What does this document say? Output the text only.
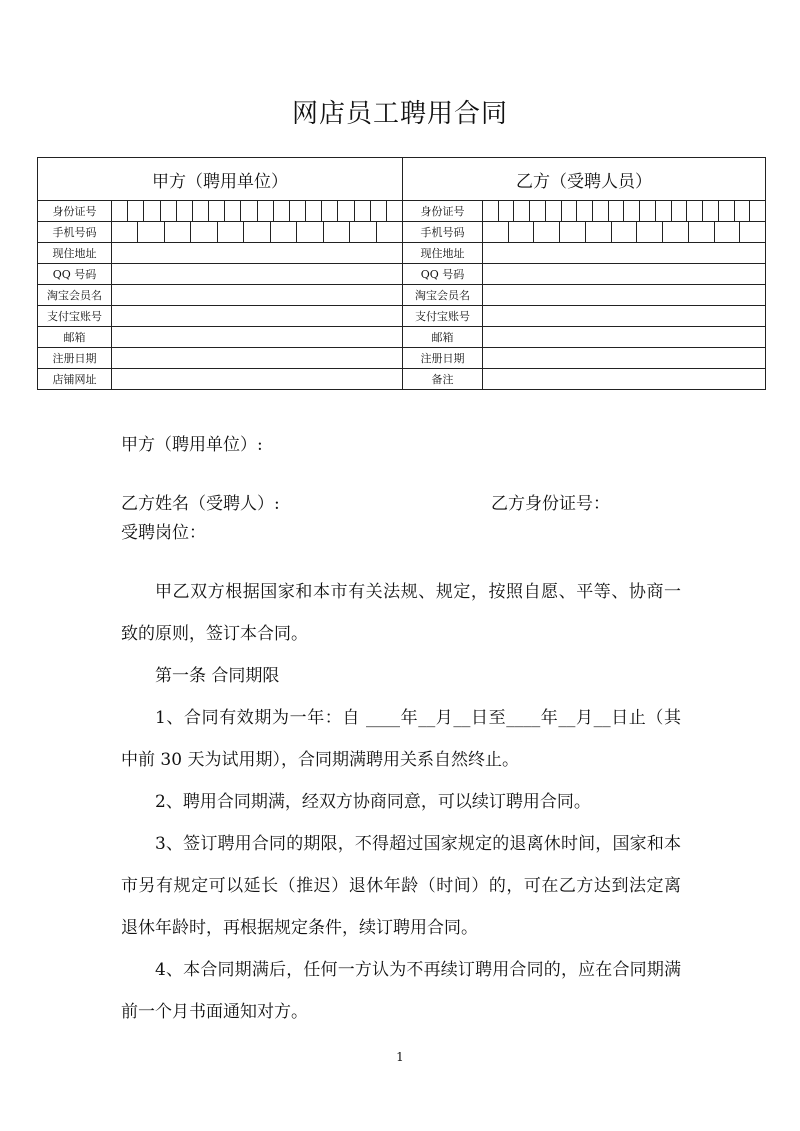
网店员工聘用合同
甲方（聘用单位）		乙方（受聘人员）	
身份证号		身份证号	

手机号码		手机号码	

现住地址		现住地址	
QQ 号码		QQ 号码	
淘宝会员名		淘宝会员名	
支付宝账号		支付宝账号	
邮箱		邮箱	
注册日期		注册日期	
店铺网址		备注	
甲方（聘用单位）:
乙方姓名（受聘人）:	乙方身份证号：
受聘岗位：

甲乙双方根据国家和本市有关法规、规定，按照自愿、平等、协商一致的原则，签订本合同。

第一条 合同期限

1、合同有效期为一年：自 ____年__月__日至____年__月__日止（其中前 30 天为试用期），合同期满聘用关系自然终止。

2、聘用合同期满，经双方协商同意，可以续订聘用合同。

3、签订聘用合同的期限，不得超过国家规定的退离休时间，国家和本市另有规定可以延长（推迟）退休年龄（时间）的，可在乙方达到法定离退休年龄时，再根据规定条件，续订聘用合同。

4、本合同期满后，任何一方认为不再续订聘用合同的，应在合同期满前一个月书面通知对方。

1
